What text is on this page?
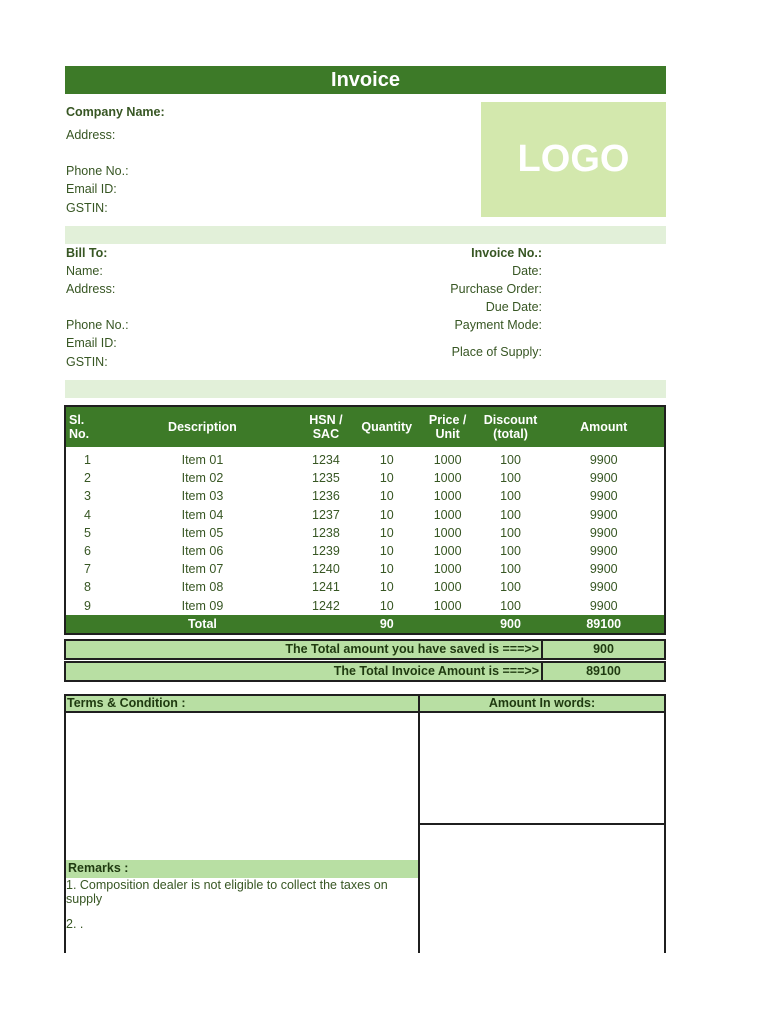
Invoice
Company Name:
Address:
Phone No.:
Email ID:
GSTIN:
LOGO
Bill To:
Name:
Address:
Phone No.:
Email ID:
GSTIN:
Invoice No.:
Date:
Purchase Order:
Due Date:
Payment Mode:
Place of Supply:
Sl. No.	Description	HSN / SAC	Quantity	Price / Unit	Discount (total)	Amount
1	Item 01	1234	10	1000	100	9900
2	Item 02	1235	10	1000	100	9900
3	Item 03	1236	10	1000	100	9900
4	Item 04	1237	10	1000	100	9900
5	Item 05	1238	10	1000	100	9900
6	Item 06	1239	10	1000	100	9900
7	Item 07	1240	10	1000	100	9900
8	Item 08	1241	10	1000	100	9900
9	Item 09	1242	10	1000	100	9900
	Total		90		900	89100
The Total amount you have saved is ===>>	900
The Total Invoice Amount is ===>>	89100
Terms & Condition :	Amount In words:
Remarks :
1. Composition dealer is not eligible to collect the taxes on supply
2. .
